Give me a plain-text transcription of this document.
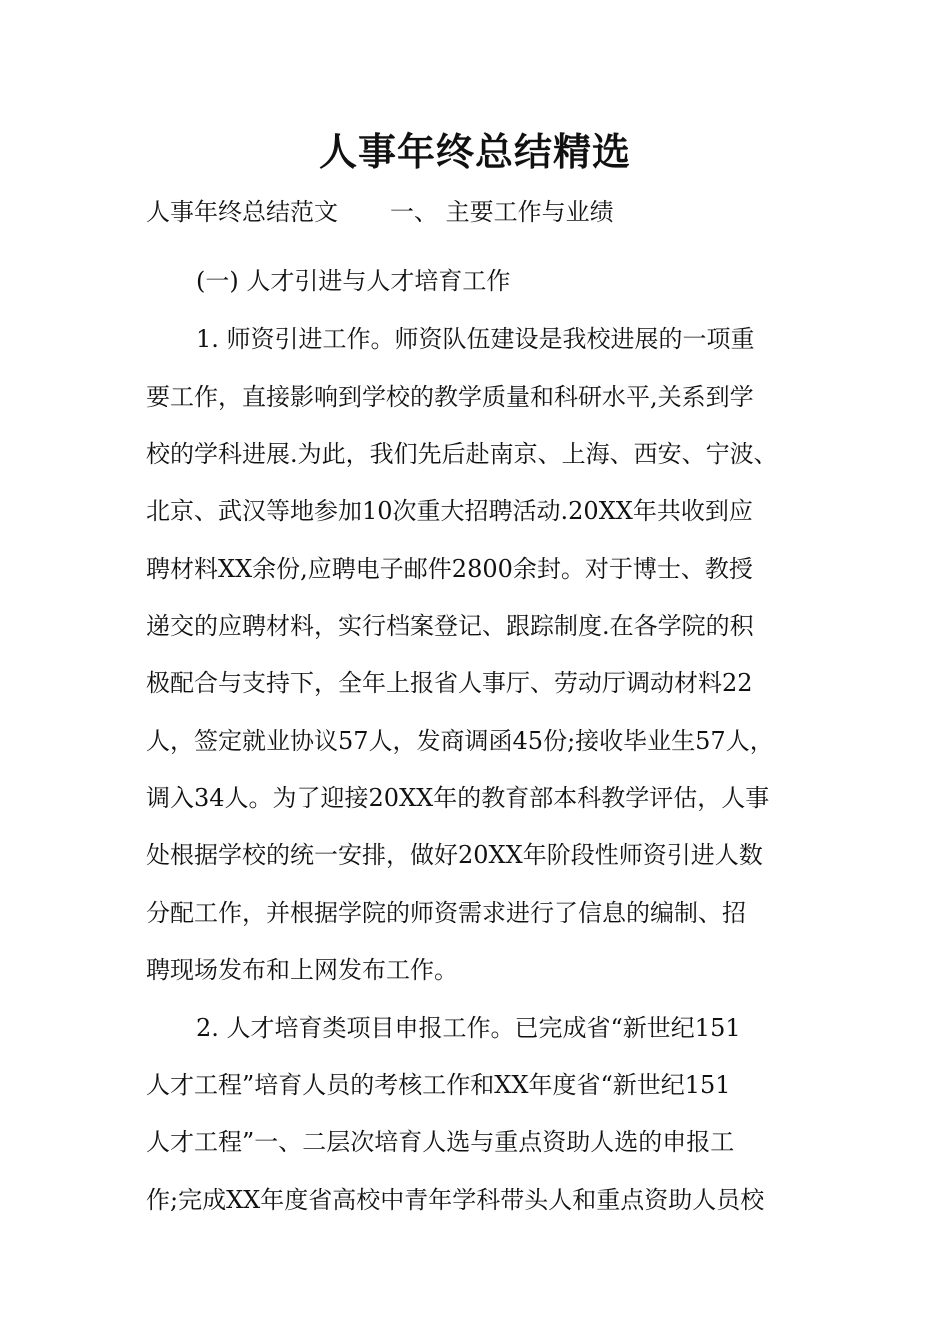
人事年终总结精选

人事年终总结范文 一、 主要工作与业绩

(一) 人才引进与人才培育工作

1. 师资引进工作。师资队伍建设是我校进展的一项重

要工作，直接影响到学校的教学质量和科研水平,关系到学

校的学科进展.为此，我们先后赴南京、上海、西安、宁波、

北京、武汉等地参加10次重大招聘活动.20XX年共收到应

聘材料XX余份,应聘电子邮件2800余封。对于博士、教授

递交的应聘材料，实行档案登记、跟踪制度.在各学院的积

极配合与支持下，全年上报省人事厅、劳动厅调动材料22

人，签定就业协议57人，发商调函45份;接收毕业生57人，

调入34人。为了迎接20XX年的教育部本科教学评估，人事

处根据学校的统一安排，做好20XX年阶段性师资引进人数

分配工作，并根据学院的师资需求进行了信息的编制、招

聘现场发布和上网发布工作。

2. 人才培育类项目申报工作。已完成省“新世纪151

人才工程”培育人员的考核工作和XX年度省“新世纪151

人才工程”一、二层次培育人选与重点资助人选的申报工

作;完成XX年度省高校中青年学科带头人和重点资助人员校
